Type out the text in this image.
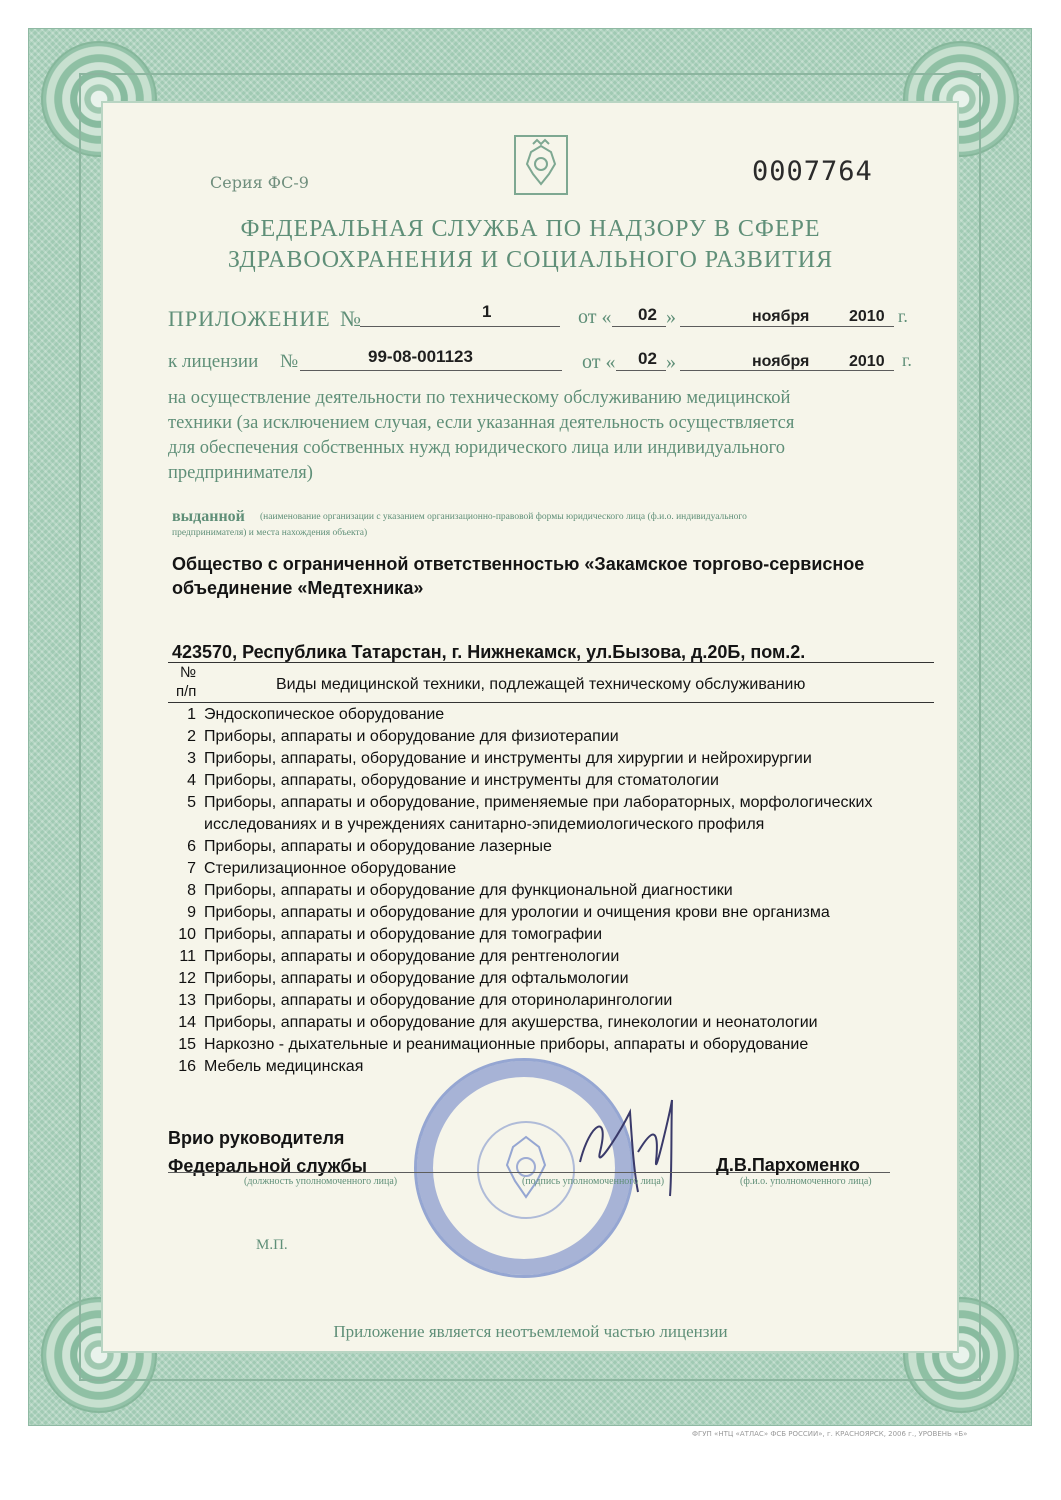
Серия ФС-9	0007764
ФЕДЕРАЛЬНАЯ СЛУЖБА ПО НАДЗОРУ В СФЕРЕ
ЗДРАВООХРАНЕНИЯ И СОЦИАЛЬНОГО РАЗВИТИЯ
ПРИЛОЖЕНИЕ №	1	от « 02 »	ноября 2010 г.
к лицензии №	99-08-001123	от « 02 »	ноября 2010 г.
на осуществление деятельности по техническому обслуживанию медицинской
техники (за исключением случая, если указанная деятельность осуществляется
для обеспечения собственных нужд юридического лица или индивидуального
предпринимателя)
выданной (наименование организации с указанием организационно-правовой формы юридического лица (ф.и.о. индивидуального
предпринимателя) и места нахождения объекта)
Общество с ограниченной ответственностью «Закамское торгово-сервисное
объединение «Медтехника»
423570, Республика Татарстан, г. Нижнекамск, ул.Бызова, д.20Б, пом.2.
№
п/п	Виды медицинской техники, подлежащей техническому обслуживанию
1	Эндоскопическое оборудование
2	Приборы, аппараты и оборудование для физиотерапии
3	Приборы, аппараты, оборудование и инструменты для хирургии и нейрохирургии
4	Приборы, аппараты, оборудование и инструменты для стоматологии
5	Приборы, аппараты и оборудование, применяемые при лабораторных, морфологических исследованиях и в учреждениях санитарно-эпидемиологического профиля
6	Приборы, аппараты и оборудование лазерные
7	Стерилизационное оборудование
8	Приборы, аппараты и оборудование для функциональной диагностики
9	Приборы, аппараты и оборудование для урологии и очищения крови вне организма
10	Приборы, аппараты и оборудование для томографии
11	Приборы, аппараты и оборудование для рентгенологии
12	Приборы, аппараты и оборудование для офтальмологии
13	Приборы, аппараты и оборудование для оториноларингологии
14	Приборы, аппараты и оборудование для акушерства, гинекологии и неонатологии
15	Наркозно - дыхательные и реанимационные приборы, аппараты и оборудование
16	Мебель медицинская
Врио руководителя
Федеральной службы	Д.В.Пархоменко
(должность уполномоченного лица)	(подпись уполномоченного лица)	(ф.и.о. уполномоченного лица)
М.П.
Приложение является неотъемлемой частью лицензии
ФГУП «НТЦ «АТЛАС» ФСБ РОССИИ», г. КРАСНОЯРСК, 2006 г., УРОВЕНЬ «Б»
